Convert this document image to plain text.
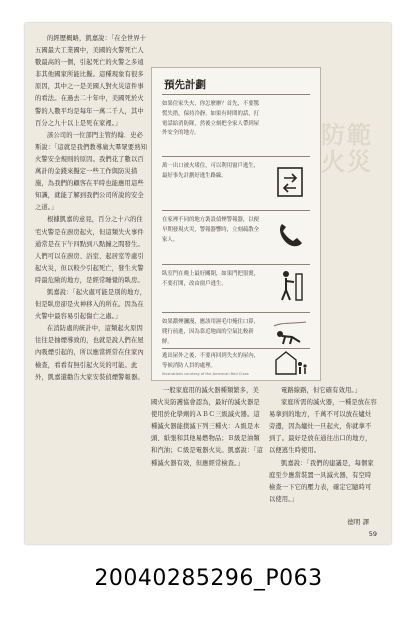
的經歷概略，凱嘉說：「在全世界十五國最大工業國中，美國的火警死亡人數最高的一個，引起死亡的火警之多遠非其他國家所能比擬。這種現象有很多原因，其中之一是美國人對火災這件事的看法。在過去二十年中，美國死於火警的人數平均是每年一萬二千人，其中百分之九十以上是死在家裡。」

該公司的一位部門主管約翰．史必斯說：「這就是我們教導廣大羣眾要熟知火警安全規則的原因。我們花了數以百萬計的金錢來擬定一些工作與防災措施，為我們的顧客在平時也能應用這些知識，就能了解到我們公司所說的安全之道。」

根據凱嘉的意見，百分之十六的住宅火警是在廚房起火，但這類失火事件通常是在下午四點到八點鐘之間發生。人們可以在廚房、浴室、起居室等處引起火災，但以較少引起死亡，發生火警時最危險的地方，是經常睡覺的臥房。

凱嘉說：「起火處可能是別的地方，但是臥房卻是火神移入的所在。因為在火警中最容易引起傷亡之處。」

在消防處的統計中，這類起火原因往往是抽煙導致的，也就是說人們在屋內吸煙引起的，所以應當經常在住家內檢查，看看有無引起火災的可能。此外，凱嘉還勸告大家安裝偵煙警報器。

防範火災
預先計劃
如果住家失火，你怎麼辦？首先，不要驚慌失措，保持冷靜。如果有時間的話，打電話給消防隊，然後立刻把全家人帶到屋外安全的地方。
萬一出口被火堵住，可以利用窗戶逃生，最好事先計劃好逃生路線。
在家裡不同的地方裝設偵煙警報器，以便早期發現火災，警報器響時，立刻疏散全家人。
臥室門在晚上最好關閉，如果門把很燙，不要打開，改由窗戶逃生。
如果濃煙瀰漫，應該用濕毛巾掩住口鼻，爬行前進，因為靠近地面的空氣比較新鮮。
逃出屋外之後，不要再回到失火的屋內，等候消防人員的處理。
Illustrations courtesy of the American Red Cross

一般家庭用的滅火器種類繁多，美國火災防護協會認為，最好的滅火器是使用於化學劑的ＡＢＣ三級滅火器。這種滅火器能撲滅下列三種火：Ａ級是木頭、紙張和其他易燃物品；Ｂ級是油類和汽油；Ｃ級是電器火災。凱嘉說：「這種滅火器有效，但應經常檢查。」

電路線路，但它確有效用。」

家庭所需的滅火器，一種是放在容易拿到的地方，千萬不可以放在爐灶旁邊，因為爐灶一旦起火，你就拿不到了。最好是放在通往出口的地方，以便逃生時使用。

凱嘉說：「我們的建議是，每個家庭至少應當裝置一具滅火器，有空時檢查一下它的壓力表，確定它隨時可以使用。」

德明 譯
59
20040285296_P063
